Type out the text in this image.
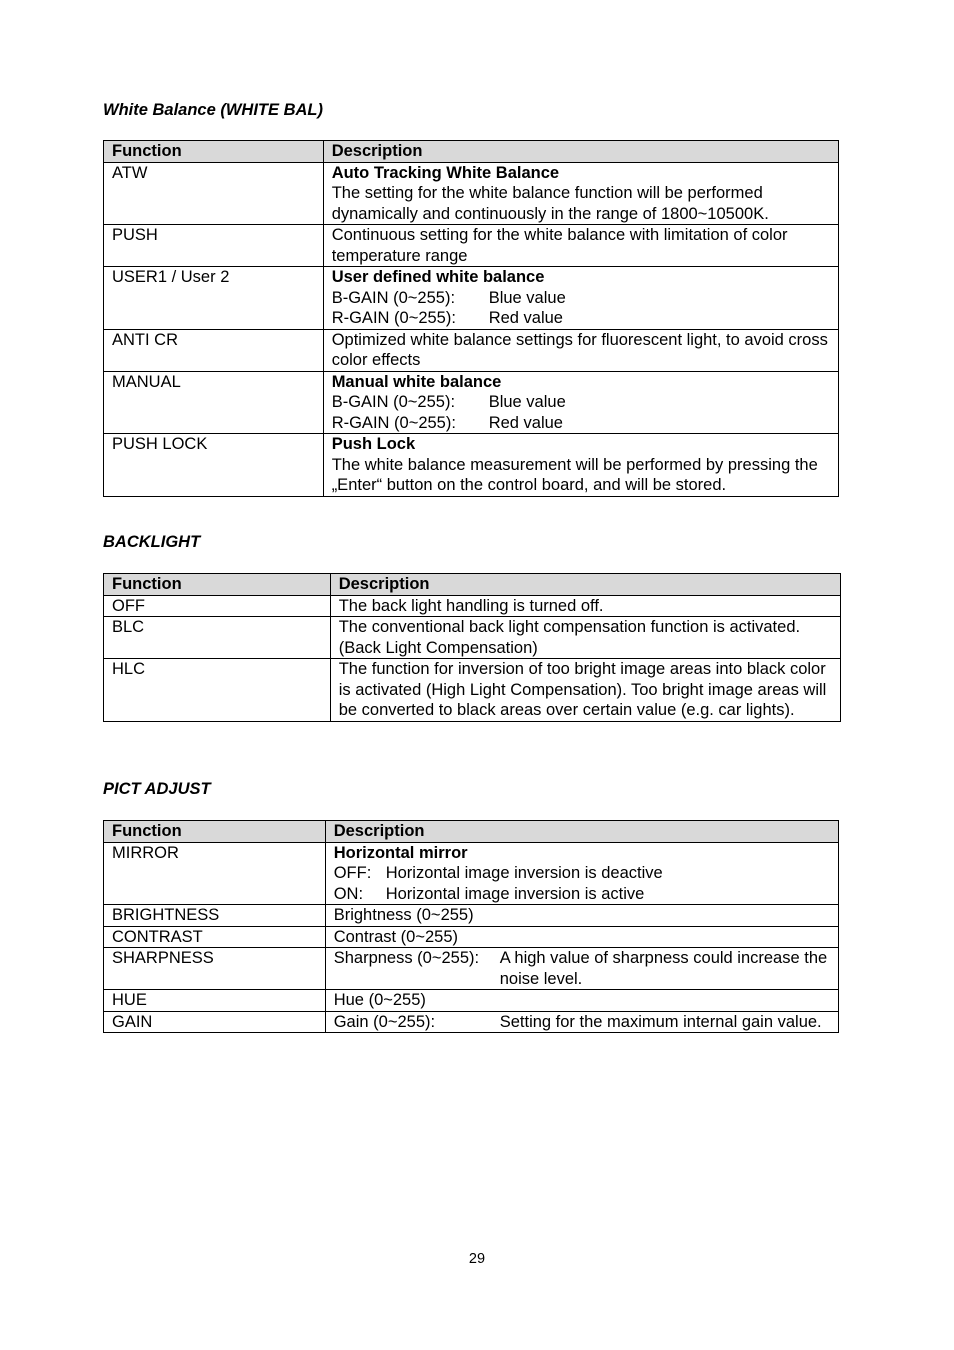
White Balance (WHITE BAL)
Function	Description
ATW	Auto Tracking White Balance
The setting for the white balance function will be performed dynamically and continuously in the range of 1800~10500K.

PUSH	Continuous setting for the white balance with limitation of color temperature range

USER1 / User 2	User defined white balance
B-GAIN (0~255): Blue value
R-GAIN (0~255): Red value

ANTI CR	Optimized white balance settings for fluorescent light, to avoid cross color effects

MANUAL	Manual white balance
B-GAIN (0~255): Blue value
R-GAIN (0~255): Red value

PUSH LOCK	Push Lock
The white balance measurement will be performed by pressing the „Enter“ button on the control board, and will be stored.
BACKLIGHT
Function	Description
OFF	The back light handling is turned off.
BLC	The conventional back light compensation function is activated. (Back Light Compensation)
HLC	The function for inversion of too bright image areas into black color is activated (High Light Compensation). Too bright image areas will be converted to black areas over certain value (e.g. car lights).
PICT ADJUST
Function	Description
MIRROR	Horizontal mirror
OFF: Horizontal image inversion is deactive
ON: Horizontal image inversion is active

BRIGHTNESS	Brightness (0~255)
CONTRAST	Contrast (0~255)
SHARPNESS	Sharpness (0~255): A high value of sharpness could increase the noise level.

HUE	Hue (0~255)
GAIN	Gain (0~255): Setting for the maximum internal gain value.
29
